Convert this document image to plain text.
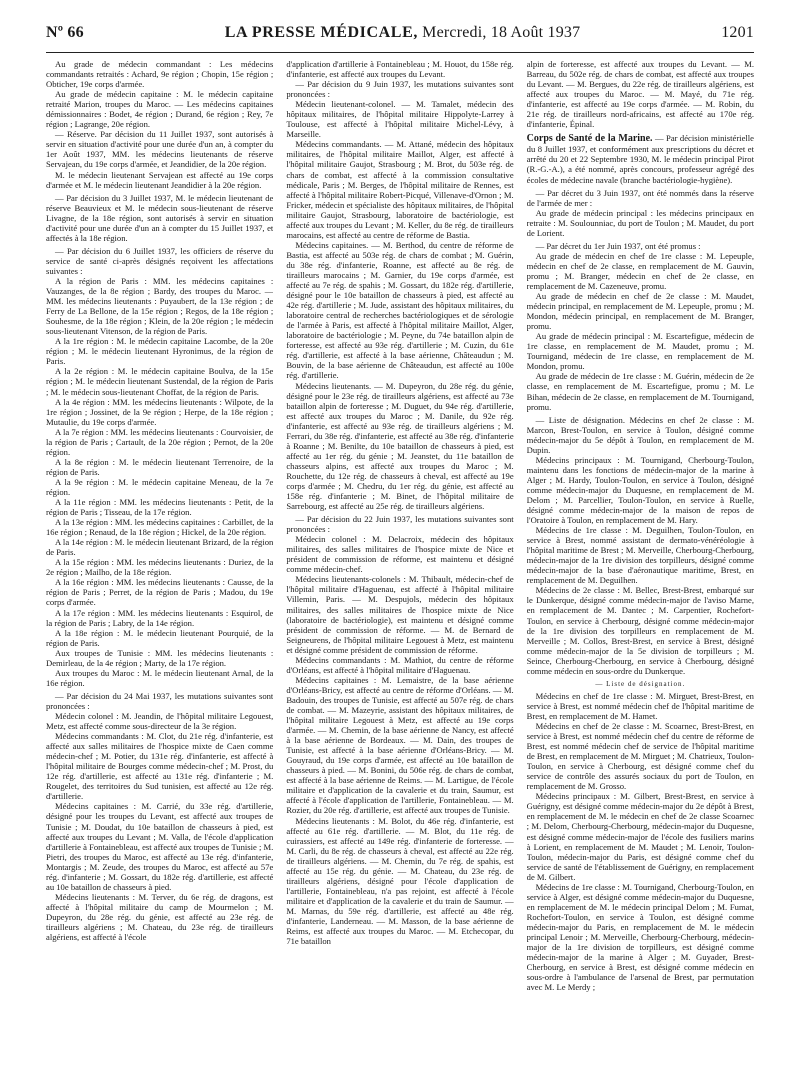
Nº 66	LA PRESSE MÉDICALE, Mercredi, 18 Août 1937	1201

Au grade de médecin commandant : Les médecins commandants retraités : Achard, 9e région ; Chopin, 15e région ; Obticher, 19e corps d'armée.

Au grade de médecin capitaine : M. le médecin capitaine retraité Marion, troupes du Maroc. — Les médecins capitaines démissionnaires : Bodet, 4e région ; Durand, 6e région ; Rey, 7e région ; Lagrange, 20e région.

— Réserve. Par décision du 11 Juillet 1937, sont autorisés à servir en situation d'activité pour une durée d'un an, à compter du 1er Août 1937, MM. les médecins lieutenants de réserve Servajean, du 19e corps d'armée, et Jeandidier, de la 20e région.

M. le médecin lieutenant Servajean est affecté au 19e corps d'armée et M. le médecin lieutenant Jeandidier à la 20e région.

— Par décision du 3 Juillet 1937, M. le médecin lieutenant de réserve Beauvieux et M. le médecin sous-lieutenant de réserve Livagne, de la 18e région, sont autorisés à servir en situation d'activité pour une durée d'un an à compter du 15 Juillet 1937, et affectés à la 18e région.

— Par décision du 6 Juillet 1937, les officiers de réserve du service de santé ci-après désignés reçoivent les affectations suivantes :

A la région de Paris : MM. les médecins capitaines : Vauzanges, de la 8e région ; Bardy, des troupes du Maroc. — MM. les médecins lieutenants : Puyaubert, de la 13e région ; de Ferry de La Bellone, de la 15e région ; Regos, de la 18e région ; Souhesme, de la 18e région ; Klein, de la 20e région ; le médecin sous-lieutenant Vitenson, de la région de Paris.

A la 1re région : M. le médecin capitaine Lacombe, de la 20e région ; M. le médecin lieutenant Hyronimus, de la région de Paris.

A la 2e région : M. le médecin capitaine Boulva, de la 15e région ; M. le médecin lieutenant Sustendal, de la région de Paris ; M. le médecin sous-lieutenant Choffat, de la région de Paris.

A la 4e région : MM. les médecins lieutenants : Wilpote, de la 1re région ; Jossinet, de la 9e région ; Herpe, de la 18e région ; Mutaulie, du 19e corps d'armée.

A la 7e région : MM. les médecins lieutenants : Courvoisier, de la région de Paris ; Cartault, de la 20e région ; Pernot, de la 20e région.

A la 8e région : M. le médecin lieutenant Terrenoire, de la région de Paris.

A la 9e région : M. le médecin capitaine Meneau, de la 7e région.

A la 11e région : MM. les médecins lieutenants : Petit, de la région de Paris ; Tisseau, de la 17e région.

A la 13e région : MM. les médecins capitaines : Carbillet, de la 16e région ; Renaud, de la 18e région ; Hickel, de la 20e région.

A la 14e région : M. le médecin lieutenant Brizard, de la région de Paris.

A la 15e région : MM. les médecins lieutenants : Duriez, de la 2e région ; Mailho, de la 18e région.

A la 16e région : MM. les médecins lieutenants : Causse, de la région de Paris ; Perret, de la région de Paris ; Madou, du 19e corps d'armée.

A la 17e région : MM. les médecins lieutenants : Esquirol, de la région de Paris ; Labry, de la 14e région.

A la 18e région : M. le médecin lieutenant Pourquié, de la région de Paris.

Aux troupes de Tunisie : MM. les médecins lieutenants : Demirleau, de la 4e région ; Marty, de la 17e région.

Aux troupes du Maroc : M. le médecin lieutenant Arnal, de la 16e région.

— Par décision du 24 Mai 1937, les mutations suivantes sont prononcées :

Médecin colonel : M. Jeandin, de l'hôpital militaire Legouest, Metz, est affecté comme sous-directeur de la 3e région.

Médecins commandants : M. Clot, du 21e rég. d'infanterie, est affecté aux salles militaires de l'hospice mixte de Caen comme médecin-chef ; M. Potier, du 131e rég. d'infanterie, est affecté à l'hôpital militaire de Bourges comme médecin-chef ; M. Prost, du 12e rég. d'artillerie, est affecté au 131e rég. d'infanterie ; M. Rougelet, des territoires du Sud tunisien, est affecté au 12e rég. d'artillerie.

Médecins capitaines : M. Carrié, du 33e rég. d'artillerie, désigné pour les troupes du Levant, est affecté aux troupes de Tunisie ; M. Doudat, du 10e bataillon de chasseurs à pied, est affecté aux troupes du Levant ; M. Valla, de l'école d'application d'artillerie à Fontainebleau, est affecté aux troupes de Tunisie ; M. Pietri, des troupes du Maroc, est affecté au 13e rég. d'infanterie, Montargis ; M. Zeude, des troupes du Maroc, est affecté au 57e rég. d'infanterie ; M. Gossart, du 182e rég. d'artillerie, est affecté au 10e bataillon de chasseurs à pied.

Médecins lieutenants : M. Terver, du 6e rég. de dragons, est affecté à l'hôpital militaire du camp de Mourmelon ; M. Dupeyron, du 28e rég. du génie, est affecté au 23e rég. de tirailleurs algériens ; M. Chateau, du 23e rég. de tirailleurs algériens, est affecté à l'école

d'application d'artillerie à Fontainebleau ; M. Houot, du 158e rég. d'infanterie, est affecté aux troupes du Levant.

— Par décision du 9 Juin 1937, les mutations suivantes sont prononcées :

Médecin lieutenant-colonel. — M. Tamalet, médecin des hôpitaux militaires, de l'hôpital militaire Hippolyte-Larrey à Toulouse, est affecté à l'hôpital militaire Michel-Lévy, à Marseille.

Médecins commandants. — M. Attané, médecin des hôpitaux militaires, de l'hôpital militaire Maillot, Alger, est affecté à l'hôpital militaire Gaujot, Strasbourg ; M. Brot, du 503e rég. de chars de combat, est affecté à la commission consultative médicale, Paris ; M. Berges, de l'hôpital militaire de Rennes, est affecté à l'hôpital militaire Robert-Picqué, Villenave-d'Ornon ; M. Fricker, médecin et spécialiste des hôpitaux militaires, de l'hôpital militaire Gaujot, Strasbourg, laboratoire de bactériologie, est affecté aux troupes du Levant ; M. Keller, du 8e rég. de tirailleurs marocains, est affecté au centre de réforme de Bastia.

Médecins capitaines. — M. Berthod, du centre de réforme de Bastia, est affecté au 503e rég. de chars de combat ; M. Guérin, du 38e rég. d'infanterie, Roanne, est affecté au 8e rég. de tirailleurs marocains ; M. Garnier, du 19e corps d'armée, est affecté au 7e rég. de spahis ; M. Gossart, du 182e rég. d'artillerie, désigné pour le 10e bataillon de chasseurs à pied, est affecté au 42e rég. d'artillerie ; M. Jude, assistant des hôpitaux militaires, du laboratoire central de recherches bactériologiques et de sérologie de l'armée à Paris, est affecté à l'hôpital militaire Maillot, Alger, laboratoire de bactériologie ; M. Peyne, du 74e bataillon alpin de forteresse, est affecté au 93e rég. d'artillerie ; M. Cuzin, du 61e rég. d'artillerie, est affecté à la base aérienne, Châteaudun ; M. Bouvin, de la base aérienne de Châteaudun, est affecté au 100e rég. d'artillerie.

Médecins lieutenants. — M. Dupeyron, du 28e rég. du génie, désigné pour le 23e rég. de tirailleurs algériens, est affecté au 73e bataillon alpin de forteresse ; M. Duguet, du 94e rég. d'artillerie, est affecté aux troupes du Maroc ; M. Danile, du 92e rég. d'infanterie, est affecté au 93e rég. de tirailleurs algériens ; M. Ferrari, du 38e rég. d'infanterie, est affecté au 38e rég. d'infanterie à Roanne ; M. Benilte, du 10e bataillon de chasseurs à pied, est affecté au 1er rég. du génie ; M. Jeanstet, du 11e bataillon de chasseurs alpins, est affecté aux troupes du Maroc ; M. Rouchette, du 12e rég. de chasseurs à cheval, est affecté au 19e corps d'armée ; M. Chedru, du 1er rég. du génie, est affecté au 158e rég. d'infanterie ; M. Binet, de l'hôpital militaire de Sarrebourg, est affecté au 25e rég. de tirailleurs algériens.

— Par décision du 22 Juin 1937, les mutations suivantes sont prononcées :

Médecin colonel : M. Delacroix, médecin des hôpitaux militaires, des salles militaires de l'hospice mixte de Nice et président de commission de réforme, est maintenu et désigné comme médecin-chef.

Médecins lieutenants-colonels : M. Thibault, médecin-chef de l'hôpital militaire d'Haguenau, est affecté à l'hôpital militaire Villemin, Paris. — M. Despujols, médecin des hôpitaux militaires, des salles militaires de l'hospice mixte de Nice (laboratoire de bactériologie), est maintenu et désigné comme président de commission de réforme. — M. de Bernard de Seigneurens, de l'hôpital militaire Legouest à Metz, est maintenu et désigné comme président de commission de réforme.

Médecins commandants : M. Mathiot, du centre de réforme d'Orléans, est affecté à l'hôpital militaire d'Haguenau.

Médecins capitaines : M. Lemaistre, de la base aérienne d'Orléans-Bricy, est affecté au centre de réforme d'Orléans. — M. Badouin, des troupes de Tunisie, est affecté au 507e rég. de chars de combat. — M. Mazeyrie, assistant des hôpitaux militaires, de l'hôpital militaire Legouest à Metz, est affecté au 19e corps d'armée. — M. Chemin, de la base aérienne de Nancy, est affecté à la base aérienne de Bordeaux. — M. Dain, des troupes de Tunisie, est affecté à la base aérienne d'Orléans-Bricy. — M. Gouyraud, du 19e corps d'armée, est affecté au 10e bataillon de chasseurs à pied. — M. Bonini, du 506e rég. de chars de combat, est affecté à la base aérienne de Reims. — M. Lartigue, de l'école militaire et d'application de la cavalerie et du train, Saumur, est affecté à l'école d'application de l'artillerie, Fontainebleau. — M. Rozier, du 20e rég. d'artillerie, est affecté aux troupes de Tunisie.

Médecins lieutenants : M. Bolot, du 46e rég. d'infanterie, est affecté au 61e rég. d'artillerie. — M. Blot, du 11e rég. de cuirassiers, est affecté au 149e rég. d'infanterie de forteresse. — M. Carli, du 8e rég. de chasseurs à cheval, est affecté au 22e rég. de tirailleurs algériens. — M. Chemin, du 7e rég. de spahis, est affecté au 15e rég. du génie. — M. Chateau, du 23e rég. de tirailleurs algériens, désigné pour l'école d'application de l'artillerie, Fontainebleau, n'a pas rejoint, est affecté à l'école militaire et d'application de la cavalerie et du train de Saumur. — M. Marnas, du 59e rég. d'artillerie, est affecté au 48e rég. d'infanterie, Landerneau. — M. Masson, de la base aérienne de Reims, est affecté aux troupes du Maroc. — M. Etchecopar, du 71e bataillon

alpin de forteresse, est affecté aux troupes du Levant. — M. Barreau, du 502e rég. de chars de combat, est affecté aux troupes du Levant. — M. Bergues, du 22e rég. de tirailleurs algériens, est affecté aux troupes du Maroc. — M. Mayé, du 71e rég. d'infanterie, est affecté au 19e corps d'armée. — M. Robin, du 21e rég. de tirailleurs nord-africains, est affecté au 170e rég. d'infanterie, Épinal.

Corps de Santé de la Marine. — Par décision ministérielle du 8 Juillet 1937, et conformément aux prescriptions du décret et arrêté du 20 et 22 Septembre 1930, M. le médecin principal Pirot (R.-G.-A.), a été nommé, après concours, professeur agrégé des écoles de médecine navale (branche bactériologie-hygiène).

— Par décret du 3 Juin 1937, ont été nommés dans la réserve de l'armée de mer :

Au grade de médecin principal : les médecins principaux en retraite : M. Soulounniac, du port de Toulon ; M. Maudet, du port de Lorient.

— Par décret du 1er Juin 1937, ont été promus :

Au grade de médecin en chef de 1re classe : M. Lepeuple, médecin en chef de 2e classe, en remplacement de M. Gauvin, promu ; M. Branger, médecin en chef de 2e classe, en remplacement de M. Cazeneuve, promu.

Au grade de médecin en chef de 2e classe : M. Maudet, médecin principal, en remplacement de M. Lepeuple, promu ; M. Mondon, médecin principal, en remplacement de M. Branger, promu.

Au grade de médecin principal : M. Escartefigue, médecin de 1re classe, en remplacement de M. Maudet, promu ; M. Tournigand, médecin de 1re classe, en remplacement de M. Mondon, promu.

Au grade de médecin de 1re classe : M. Guérin, médecin de 2e classe, en remplacement de M. Escartefigue, promu ; M. Le Bihan, médecin de 2e classe, en remplacement de M. Tournigand, promu.

— Liste de désignation. Médecins en chef 2e classe : M. Marcon, Brest-Toulon, en service à Toulon, désigné comme médecin-major du 5e dépôt à Toulon, en remplacement de M. Dupin.

Médecins principaux : M. Tournigand, Cherbourg-Toulon, maintenu dans les fonctions de médecin-major de la marine à Alger ; M. Hardy, Toulon-Toulon, en service à Toulon, désigné comme médecin-major du Duquesne, en remplacement de M. Delom ; M. Parcellier, Toulon-Toulon, en service à Ruelle, désigné comme médecin-major de la maison de repos de l'Oratoire à Toulon, en remplacement de M. Hary.

Médecins de 1re classe : M. Deguilhen, Toulon-Toulon, en service à Brest, nommé assistant de dermato-vénéréologie à l'hôpital maritime de Brest ; M. Merveille, Cherbourg-Cherbourg, médecin-major de la 1re division des torpilleurs, désigné comme médecin-major de la base d'aéronautique maritime, Brest, en remplacement de M. Deguilhen.

Médecins de 2e classe : M. Bellec, Brest-Brest, embarqué sur le Dunkerque, désigné comme médecin-major de l'aviso Marne, en remplacement de M. Dantec ; M. Carpentier, Rochefort-Toulon, en service à Cherbourg, désigné comme médecin-major de la 1re division des torpilleurs en remplacement de M. Merveille ; M. Collos, Brest-Brest, en service à Brest, désigné comme médecin-major de la 5e division de torpilleurs ; M. Seince, Cherbourg-Cherbourg, en service à Cherbourg, désigné comme médecin en sous-ordre du Dunkerque.

— Liste de désignation.

Médecins en chef de 1re classe : M. Mirguet, Brest-Brest, en service à Brest, est nommé médecin chef de l'hôpital maritime de Brest, en remplacement de M. Hamet.

Médecins en chef de 2e classe : M. Scoarnec, Brest-Brest, en service à Brest, est nommé médecin chef du centre de réforme de Brest, est nommé médecin chef de service de l'hôpital maritime de Brest, en remplacement de M. Mirguet ; M. Chatrieux, Toulon-Toulon, en service à Cherbourg, est désigné comme chef du service de contrôle des assurés sociaux du port de Toulon, en remplacement de M. Grosso.

Médecins principaux : M. Gilbert, Brest-Brest, en service à Guérigny, est désigné comme médecin-major du 2e dépôt à Brest, en remplacement de M. le médecin en chef de 2e classe Scoarnec ; M. Delom, Cherbourg-Cherbourg, médecin-major du Duquesne, est désigné comme médecin-major de l'école des fusiliers marins à Lorient, en remplacement de M. Maudet ; M. Lenoir, Toulon-Toulon, médecin-major du Paris, est désigné comme chef du service de santé de l'établissement de Guérigny, en remplacement de M. Gilbert.

Médecins de 1re classe : M. Tournigand, Cherbourg-Toulon, en service à Alger, est désigné comme médecin-major du Duquesne, en remplacement de M. le médecin principal Delom ; M. Fumat, Rochefort-Toulon, en service à Toulon, est désigné comme médecin-major du Paris, en remplacement de M. le médecin principal Lenoir ; M. Merveille, Cherbourg-Cherbourg, médecin-major de la 1re division de torpilleurs, est désigné comme médecin-major de la marine à Alger ; M. Guyader, Brest-Cherbourg, en service à Brest, est désigné comme médecin en sous-ordre à l'ambulance de l'arsenal de Brest, par permutation avec M. Le Merdy ;
